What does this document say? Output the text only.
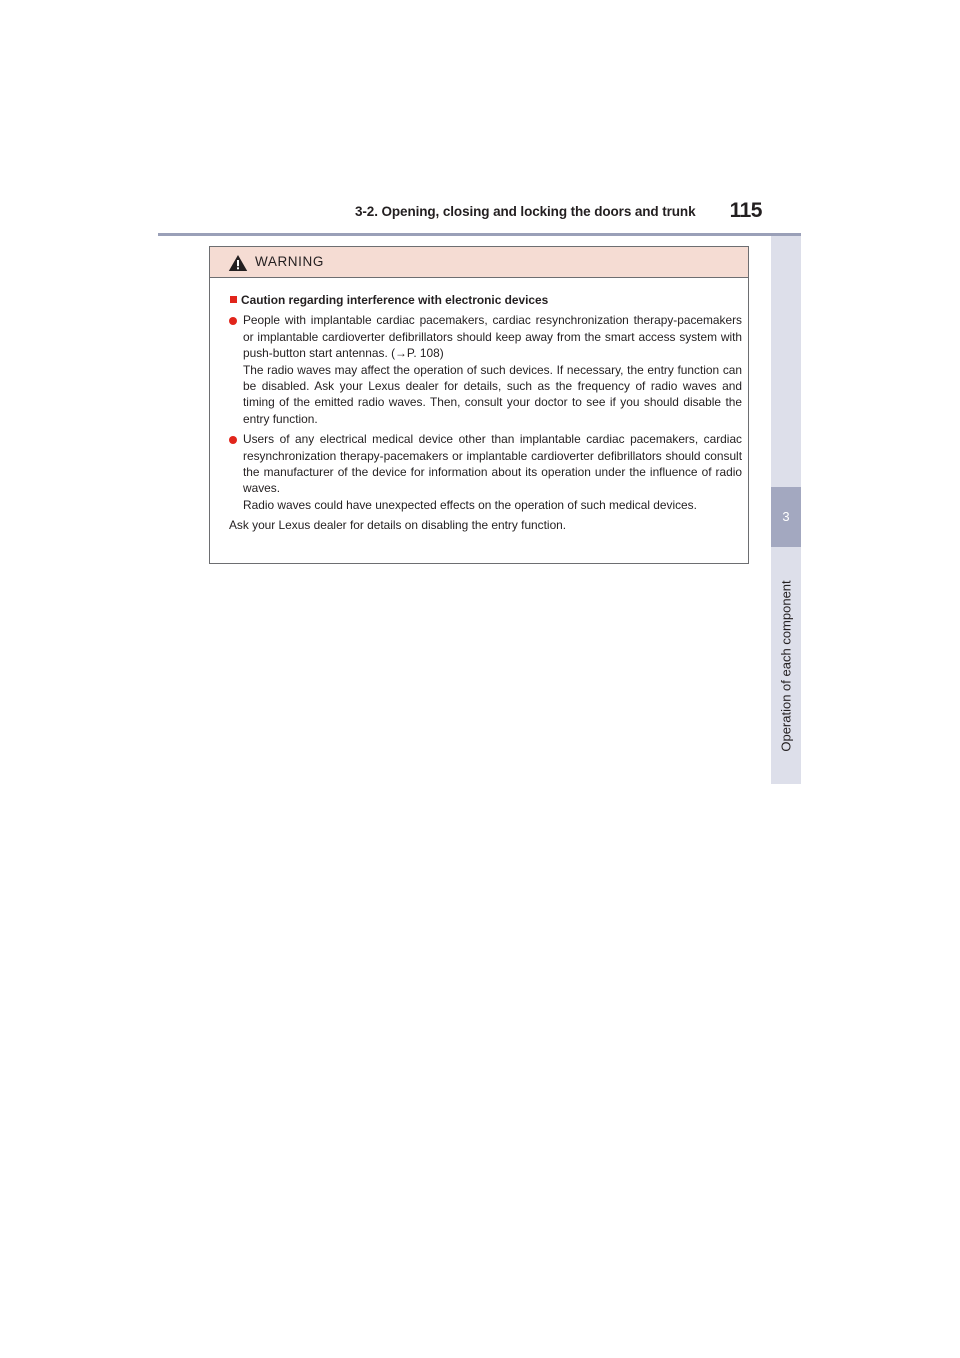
3-2. Opening, closing and locking the doors and trunk	115
3
Operation of each component
WARNING
Caution regarding interference with electronic devices
People with implantable cardiac pacemakers, cardiac resynchronization therapy-pacemakers or implantable cardioverter defibrillators should keep away from the smart access system with push-button start antennas. (→P. 108)
The radio waves may affect the operation of such devices. If necessary, the entry function can be disabled. Ask your Lexus dealer for details, such as the frequency of radio waves and timing of the emitted radio waves. Then, consult your doctor to see if you should disable the entry function.
Users of any electrical medical device other than implantable cardiac pacemakers, cardiac resynchronization therapy-pacemakers or implantable cardioverter defibrillators should consult the manufacturer of the device for information about its operation under the influence of radio waves.
Radio waves could have unexpected effects on the operation of such medical devices.
Ask your Lexus dealer for details on disabling the entry function.
